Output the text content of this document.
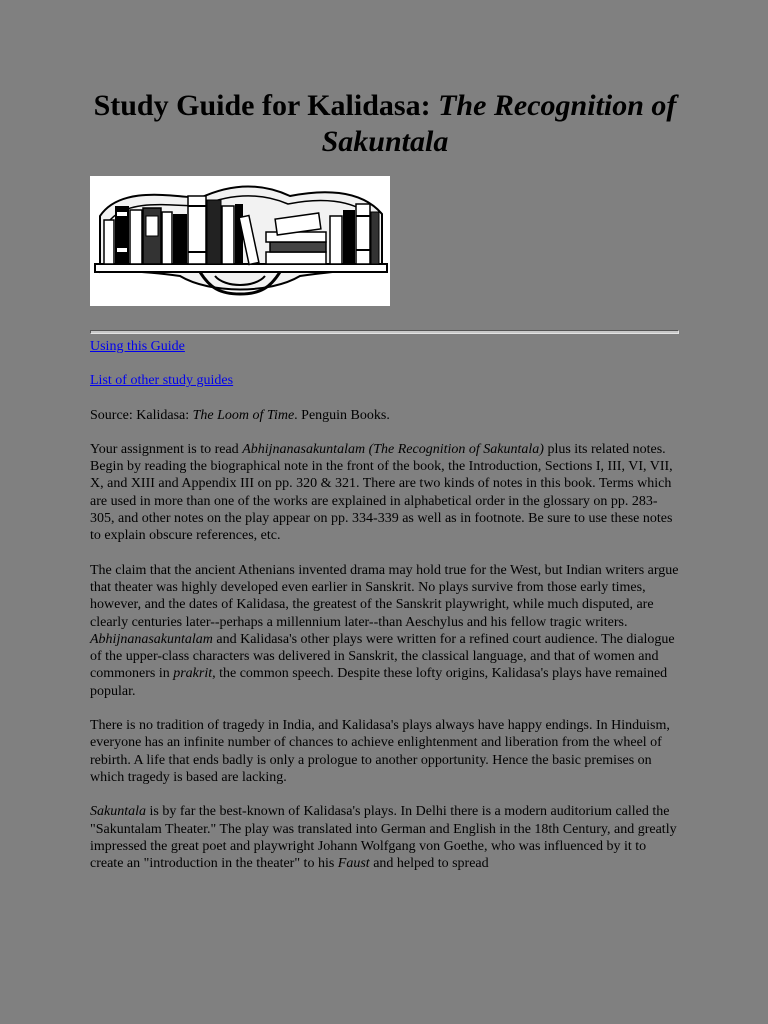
Study Guide for Kalidasa: The Recognition of Sakuntala

Using this Guide

List of other study guides

Source: Kalidasa: The Loom of Time. Penguin Books.

Your assignment is to read Abhijnanasakuntalam (The Recognition of Sakuntala) plus its related notes. Begin by reading the biographical note in the front of the book, the Introduction, Sections I, III, VI, VII, X, and XIII and Appendix III on pp. 320 & 321. There are two kinds of notes in this book. Terms which are used in more than one of the works are explained in alphabetical order in the glossary on pp. 283-305, and other notes on the play appear on pp. 334-339 as well as in footnote. Be sure to use these notes to explain obscure references, etc.

The claim that the ancient Athenians invented drama may hold true for the West, but Indian writers argue that theater was highly developed even earlier in Sanskrit. No plays survive from those early times, however, and the dates of Kalidasa, the greatest of the Sanskrit playwright, while much disputed, are clearly centuries later--perhaps a millennium later--than Aeschylus and his fellow tragic writers. Abhijnanasakuntalam and Kalidasa's other plays were written for a refined court audience. The dialogue of the upper-class characters was delivered in Sanskrit, the classical language, and that of women and commoners in prakrit, the common speech. Despite these lofty origins, Kalidasa's plays have remained popular.

There is no tradition of tragedy in India, and Kalidasa's plays always have happy endings. In Hinduism, everyone has an infinite number of chances to achieve enlightenment and liberation from the wheel of rebirth. A life that ends badly is only a prologue to another opportunity. Hence the basic premises on which tragedy is based are lacking.

Sakuntala is by far the best-known of Kalidasa's plays. In Delhi there is a modern auditorium called the "Sakuntalam Theater." The play was translated into German and English in the 18th Century, and greatly impressed the great poet and playwright Johann Wolfgang von Goethe, who was influenced by it to create an "introduction in the theater" to his Faust and helped to spread
